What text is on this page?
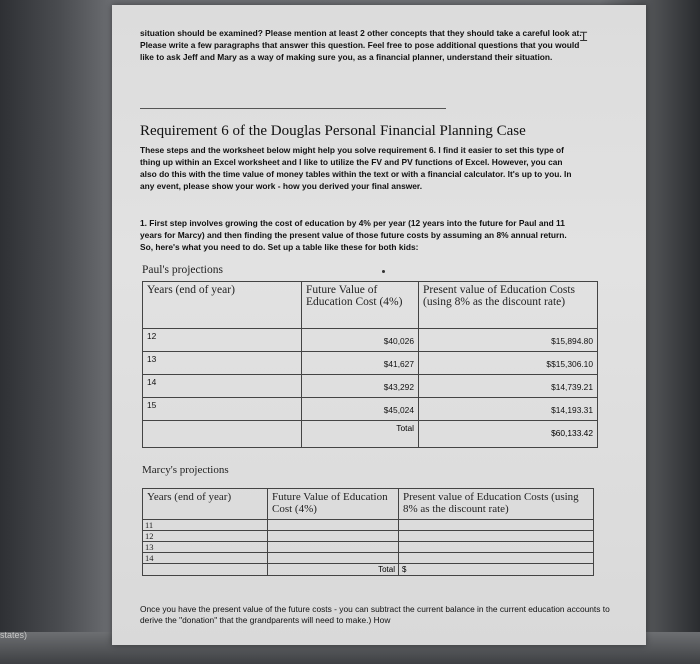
states)
situation should be examined? Please mention at least 2 other concepts that they should take a careful look at. Please write a few paragraphs that answer this question. Feel free to pose additional questions that you would like to ask Jeff and Mary as a way of making sure you, as a financial planner, understand their situation.
Ɪ
Requirement 6 of the Douglas Personal Financial Planning Case
These steps and the worksheet below might help you solve requirement 6. I find it easier to set this type of thing up within an Excel worksheet and I like to utilize the FV and PV functions of Excel. However, you can also do this with the time value of money tables within the text or with a financial calculator. It's up to you. In any event, please show your work - how you derived your final answer.
1. First step involves growing the cost of education by 4% per year (12 years into the future for Paul and 11 years for Marcy) and then finding the present value of those future costs by assuming an 8% annual return. So, here's what you need to do. Set up a table like these for both kids:
Paul's projections
Years (end of year)	Future Value of Education Cost (4%)	Present value of Education Costs (using 8% as the discount rate)

12	$40,026	$15,894.80

13	$41,627	$$15,306.10

14	$43,292	$14,739.21

15	$45,024	$14,193.31

	Total	$60,133.42
Marcy's projections
Years (end of year)	Future Value of Education Cost (4%)	Present value of Education Costs (using 8% as the discount rate)
11		
12		
13		
14		
	Total	$
Once you have the present value of the future costs - you can subtract the current balance in the current education accounts to derive the "donation" that the grandparents will need to make.) How
